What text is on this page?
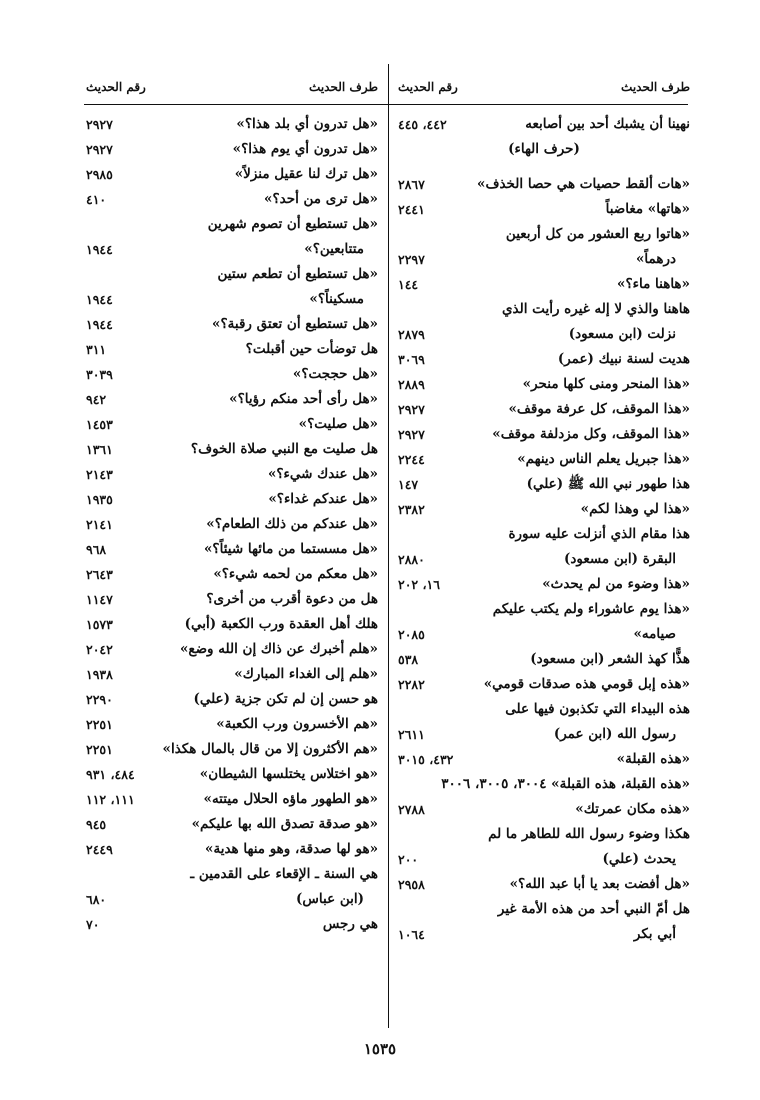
طرف الحديث
رقم الحديث
نهينا أن يشبك أحد بين أصابعه
٤٤٢، ٤٤٥
(حرف الهاء)
«هات ألقط حصيات هي حصا الخذف»
٢٨٦٧
«هاتها» مغاضباً
٢٤٤١
«هاتوا ربع العشور من كل أربعين
درهماً»
٢٢٩٧
«هاهنا ماء؟»
١٤٤
هاهنا والذي لا إله غيره رأيت الذي
نزلت (ابن مسعود)
٢٨٧٩
هديت لسنة نبيك (عمر)
٣٠٦٩
«هذا المنحر ومنى كلها منحر»
٢٨٨٩
«هذا الموقف، كل عرفة موقف»
٢٩٢٧
«هذا الموقف، وكل مزدلفة موقف»
٢٩٢٧
«هذا جبريل يعلم الناس دينهم»
٢٢٤٤
هذا طهور نبي الله ﷺ (علي)
١٤٧
«هذا لي وهذا لكم»
٢٣٨٢
هذا مقام الذي أنزلت عليه سورة
البقرة (ابن مسعود)
٢٨٨٠
«هذا وضوء من لم يحدث»
١٦، ٢٠٢
«هذا يوم عاشوراء ولم يكتب عليكم
صيامه»
٢٠٨٥
هذًّا كهذ الشعر (ابن مسعود)
٥٣٨
«هذه إبل قومي هذه صدقات قومي»
٢٢٨٢
هذه البيداء التي تكذبون فيها على
رسول الله (ابن عمر)
٢٦١١
«هذه القبلة»
٤٣٢، ٣٠١٥
«هذه القبلة، هذه القبلة» ٣٠٠٤، ٣٠٠٥، ٣٠٠٦
«هذه مكان عمرتك»
٢٧٨٨
هكذا وضوء رسول الله للطاهر ما لم
يحدث (علي)
٢٠٠
«هل أفضت بعد يا أبا عبد الله؟»
٢٩٥٨
هل أمّ النبي أحد من هذه الأمة غير
أبي بكر
١٠٦٤
طرف الحديث
رقم الحديث
«هل تدرون أي بلد هذا؟»
٢٩٢٧
«هل تدرون أي يوم هذا؟»
٢٩٢٧
«هل ترك لنا عقيل منزلاً»
٢٩٨٥
«هل ترى من أحد؟»
٤١٠
«هل تستطيع أن تصوم شهرين
متتابعين؟»
١٩٤٤
«هل تستطيع أن تطعم ستين
مسكيناً؟»
١٩٤٤
«هل تستطيع أن تعتق رقبة؟»
١٩٤٤
هل توضأت حين أقبلت؟
٣١١
«هل حججت؟»
٣٠٣٩
«هل رأى أحد منكم رؤيا؟»
٩٤٢
«هل صليت؟»
١٤٥٣
هل صليت مع النبي صلاة الخوف؟
١٣٦١
«هل عندك شيء؟»
٢١٤٣
«هل عندكم غداء؟»
١٩٣٥
«هل عندكم من ذلك الطعام؟»
٢١٤١
«هل مسستما من مائها شيئاً؟»
٩٦٨
«هل معكم من لحمه شيء؟»
٢٦٤٣
هل من دعوة أقرب من أخرى؟
١١٤٧
هلك أهل العقدة ورب الكعبة (أبي)
١٥٧٣
«هلم أخبرك عن ذاك إن الله وضع»
٢٠٤٢
«هلم إلى الغداء المبارك»
١٩٣٨
هو حسن إن لم تكن جزية (علي)
٢٢٩٠
«هم الأخسرون ورب الكعبة»
٢٢٥١
«هم الأكثرون إلا من قال بالمال هكذا»
٢٢٥١
«هو اختلاس يختلسها الشيطان»
٤٨٤، ٩٣١
«هو الطهور ماؤه الحلال ميتته»
١١١، ١١٢
«هو صدقة تصدق الله بها عليكم»
٩٤٥
«هو لها صدقة، وهو منها هدية»
٢٤٤٩
هي السنة ـ الإقعاء على القدمين ـ
(ابن عباس)
٦٨٠
هي رجس
٧٠
١٥٣٥
